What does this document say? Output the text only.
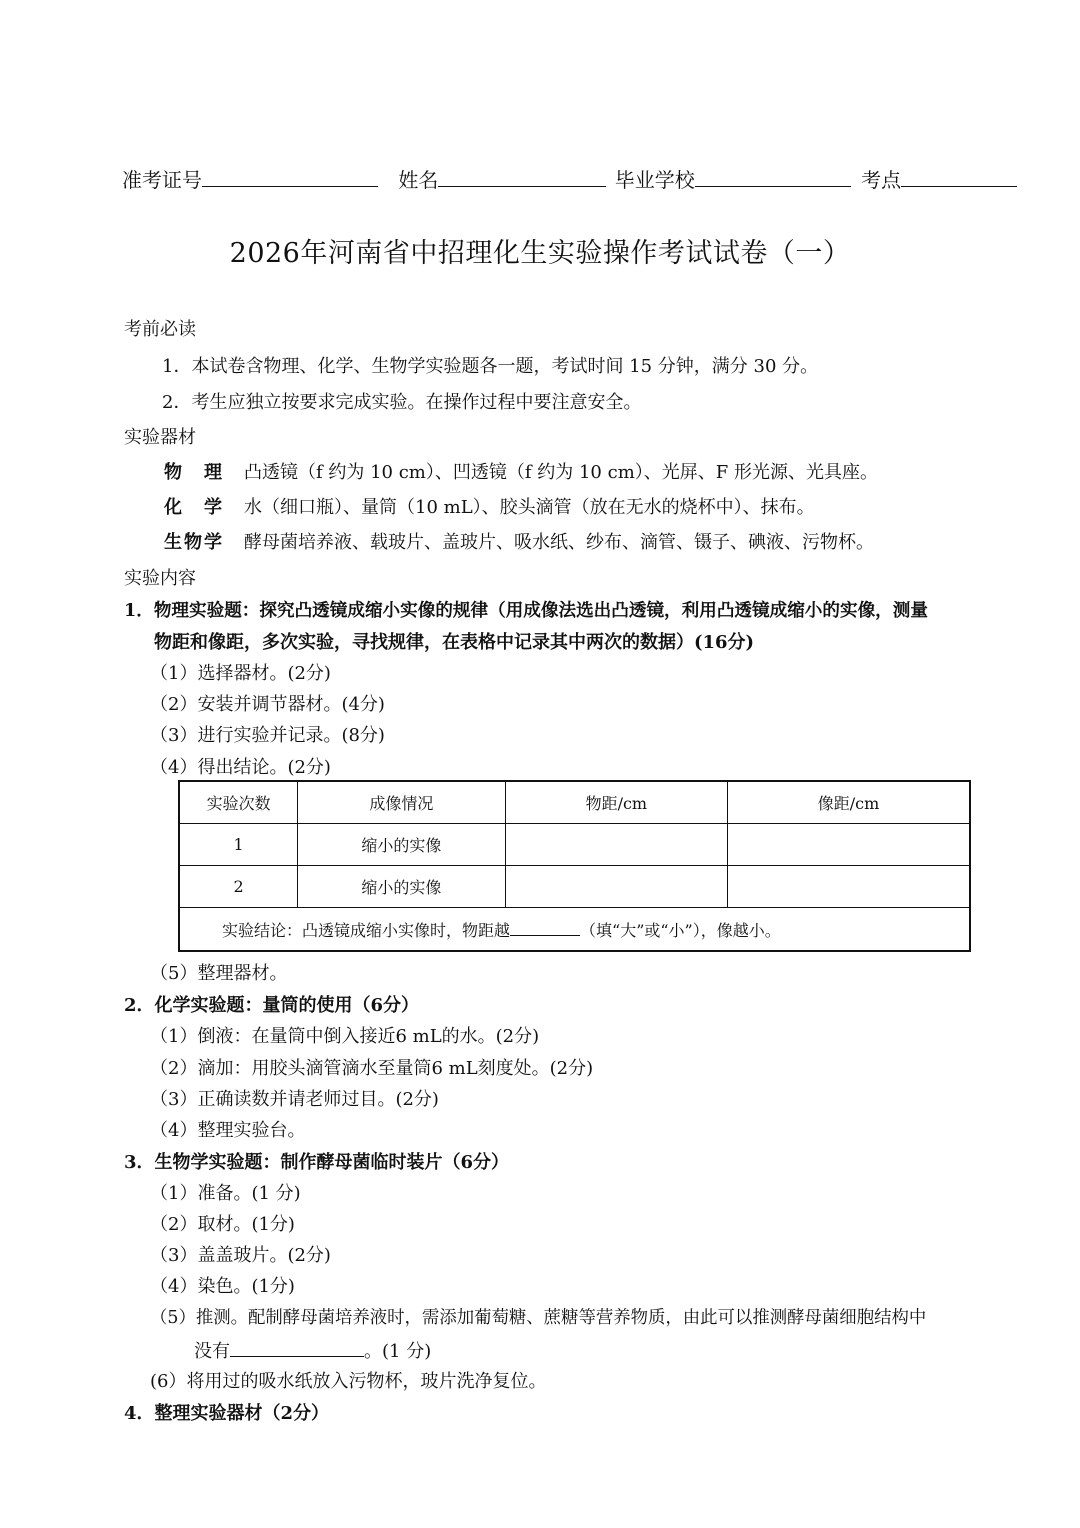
准考证号	姓名	毕业学校	考点
2026年河南省中招理化生实验操作考试试卷（一）
考前必读
1．本试卷含物理、化学、生物学实验题各一题，考试时间 15 分钟，满分 30 分。
2．考生应独立按要求完成实验。在操作过程中要注意安全。
实验器材
物　理 凸透镜（f 约为 10 cm）、凹透镜（f 约为 10 cm）、光屏、F 形光源、光具座。
化　学 水（细口瓶）、量筒（10 mL）、胶头滴管（放在无水的烧杯中）、抹布。
生物学 酵母菌培养液、载玻片、盖玻片、吸水纸、纱布、滴管、镊子、碘液、污物杯。
实验内容
1．物理实验题：探究凸透镜成缩小实像的规律（用成像法选出凸透镜，利用凸透镜成缩小的实像，测量
物距和像距，多次实验，寻找规律，在表格中记录其中两次的数据）(16分)
（1）选择器材。(2分)
（2）安装并调节器材。(4分)
（3）进行实验并记录。(8分)
（4）得出结论。(2分)
实验次数	成像情况	物距/cm	像距/cm
1	缩小的实像		
2	缩小的实像		
实验结论：凸透镜成缩小实像时，物距越 （填“大”或“小”），像越小。			
（5）整理器材。
2．化学实验题：量筒的使用（6分）
（1）倒液：在量筒中倒入接近6 mL的水。(2分)
（2）滴加：用胶头滴管滴水至量筒6 mL刻度处。(2分)
（3）正确读数并请老师过目。(2分)
（4）整理实验台。
3．生物学实验题：制作酵母菌临时装片（6分）
（1）准备。(1 分)
（2）取材。(1分)
（3）盖盖玻片。(2分)
（4）染色。(1分)
（5）推测。配制酵母菌培养液时，需添加葡萄糖、蔗糖等营养物质，由此可以推测酵母菌细胞结构中
没有	。(1 分)
(6）将用过的吸水纸放入污物杯，玻片洗净复位。
4．整理实验器材（2分）
